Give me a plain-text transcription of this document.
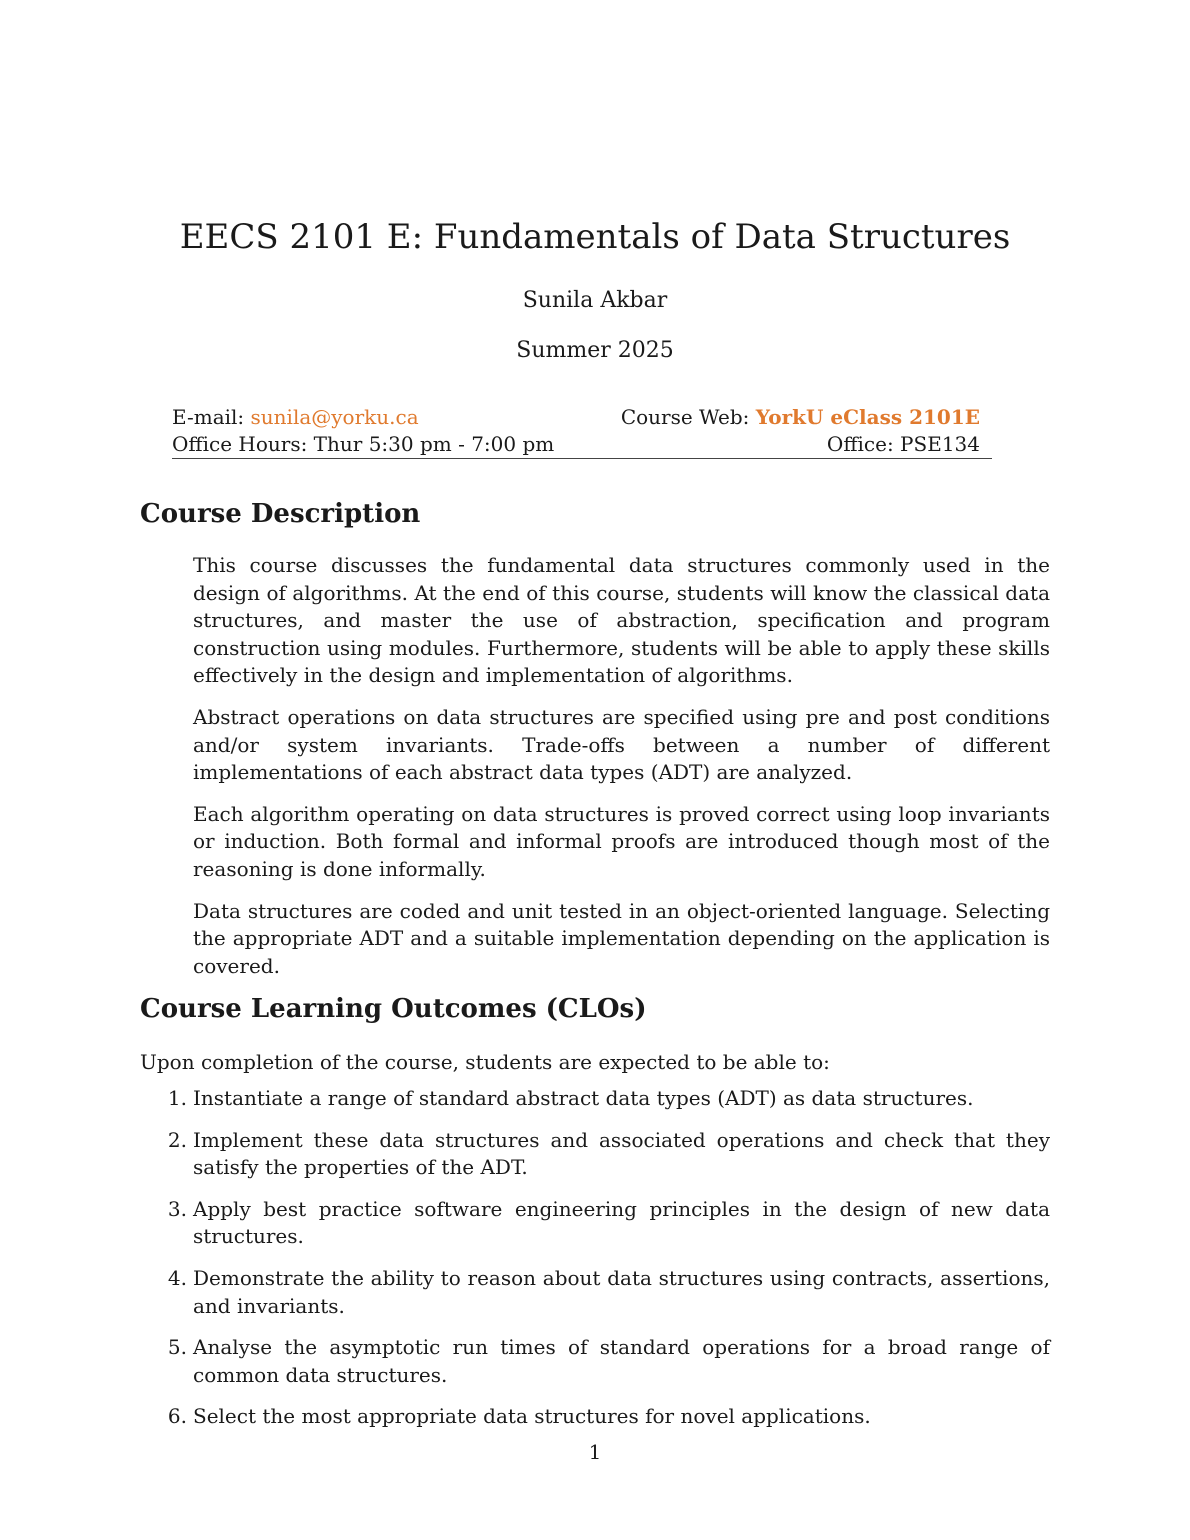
EECS 2101 E: Fundamentals of Data Structures
Sunila Akbar
Summer 2025
E-mail: sunila@yorku.ca	Course Web: YorkU eClass 2101E
Office Hours: Thur 5:30 pm - 7:00 pm	Office: PSE134
Course Description

This course discusses the fundamental data structures commonly used in the design of algorithms. At the end of this course, students will know the classical data structures, and master the use of abstraction, specification and program construction using modules. Furthermore, students will be able to apply these skills effectively in the design and implementation of algorithms.

Abstract operations on data structures are specified using pre and post conditions and/or system invariants. Trade-offs between a number of different implementations of each abstract data types (ADT) are analyzed.

Each algorithm operating on data structures is proved correct using loop invariants or induction. Both formal and informal proofs are introduced though most of the reasoning is done informally.

Data structures are coded and unit tested in an object-oriented language. Selecting the appropriate ADT and a suitable implementation depending on the application is covered.

Course Learning Outcomes (CLOs)
Upon completion of the course, students are expected to be able to:
1. Instantiate a range of standard abstract data types (ADT) as data structures.
2. Implement these data structures and associated operations and check that they satisfy the properties of the ADT.
3. Apply best practice software engineering principles in the design of new data structures.
4. Demonstrate the ability to reason about data structures using contracts, assertions, and invariants.
5. Analyse the asymptotic run times of standard operations for a broad range of common data structures.
6. Select the most appropriate data structures for novel applications.
1
